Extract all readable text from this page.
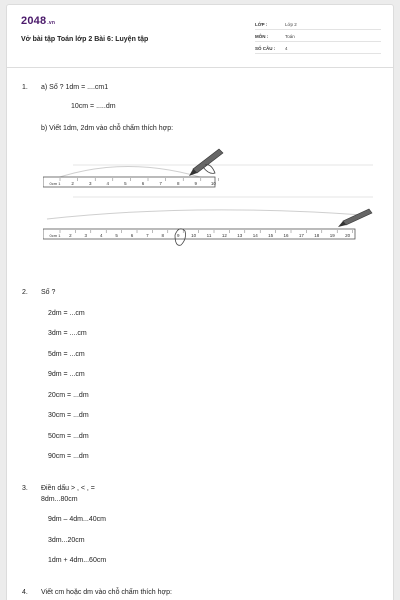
2048.vn
Vở bài tập Toán lớp 2 Bài 6: Luyện tập
LỚP :	Lớp 2
MÔN :	Toán
SỐ CÂU :	4
1. a) Số ? 1dm = ....cm1
10cm = .....dm
b) Viết 1dm, 2dm vào chỗ chấm thích hợp:
0cm 1 2	3	4	5	6	7	8	9	10
0cm 1 2	3	4	5	6	7	8	9	10 11 12 13 14 15 16 17 18 19 20
2. Số ?
2dm = ...cm
3dm = ....cm
5dm = ...cm
9dm = ...cm
20cm = ...dm
30cm = ...dm
50cm = ...dm
90cm = ...dm
3. Điền dấu > , < , =
8dm...80cm
9dm – 4dm...40cm
3dm...20cm
1dm + 4dm...60cm
4. Viết cm hoặc dm vào chỗ chấm thích hợp:
